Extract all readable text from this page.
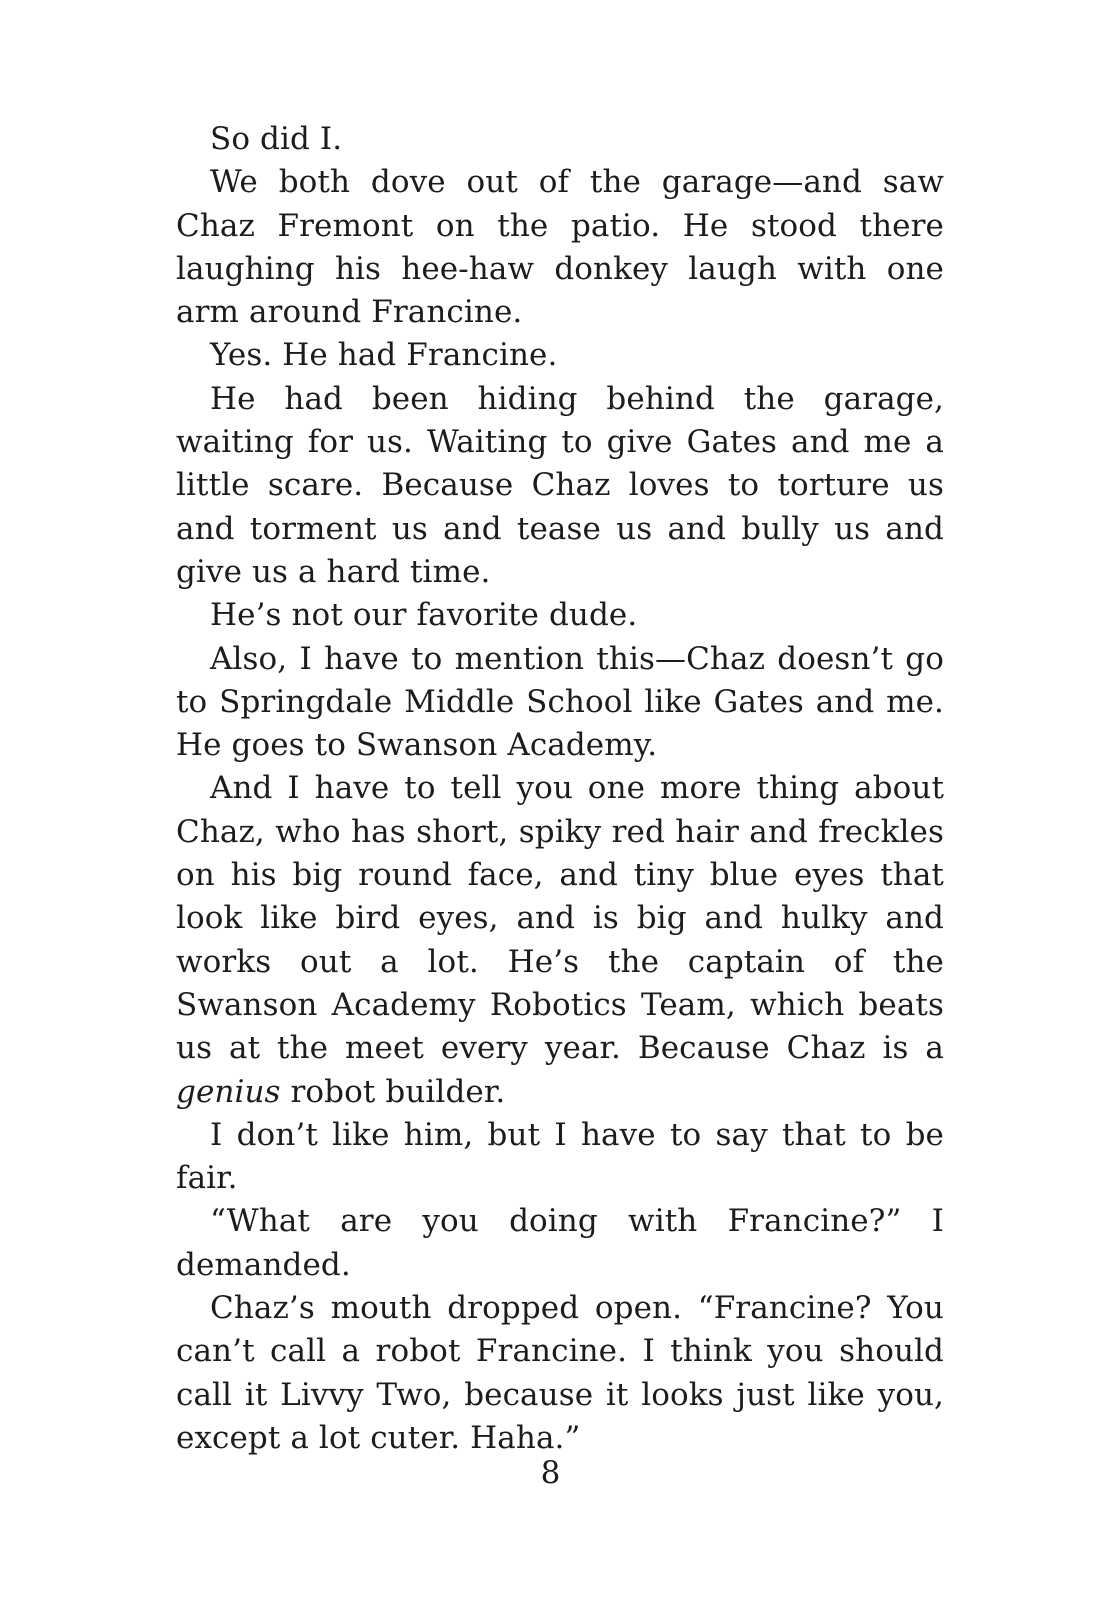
So did I.

We both dove out of the garage—and saw Chaz Fremont on the patio. He stood there laughing his hee-haw donkey laugh with one arm around Francine.

Yes. He had Francine.

He had been hiding behind the garage, waiting for us. Waiting to give Gates and me a little scare. Because Chaz loves to torture us and torment us and tease us and bully us and give us a hard time.

He’s not our favorite dude.

Also, I have to mention this—Chaz doesn’t go to Springdale Middle School like Gates and me. He goes to Swanson Academy.

And I have to tell you one more thing about Chaz, who has short, spiky red hair and freckles on his big round face, and tiny blue eyes that look like bird eyes, and is big and hulky and works out a lot. He’s the captain of the Swanson Academy Robotics Team, which beats us at the meet every year. Because Chaz is a genius robot builder.

I don’t like him, but I have to say that to be fair.

“What are you doing with Francine?” I demanded.

Chaz’s mouth dropped open. “Francine? You can’t call a robot Francine. I think you should call it Livvy Two, because it looks just like you, except a lot cuter. Haha.”

8
